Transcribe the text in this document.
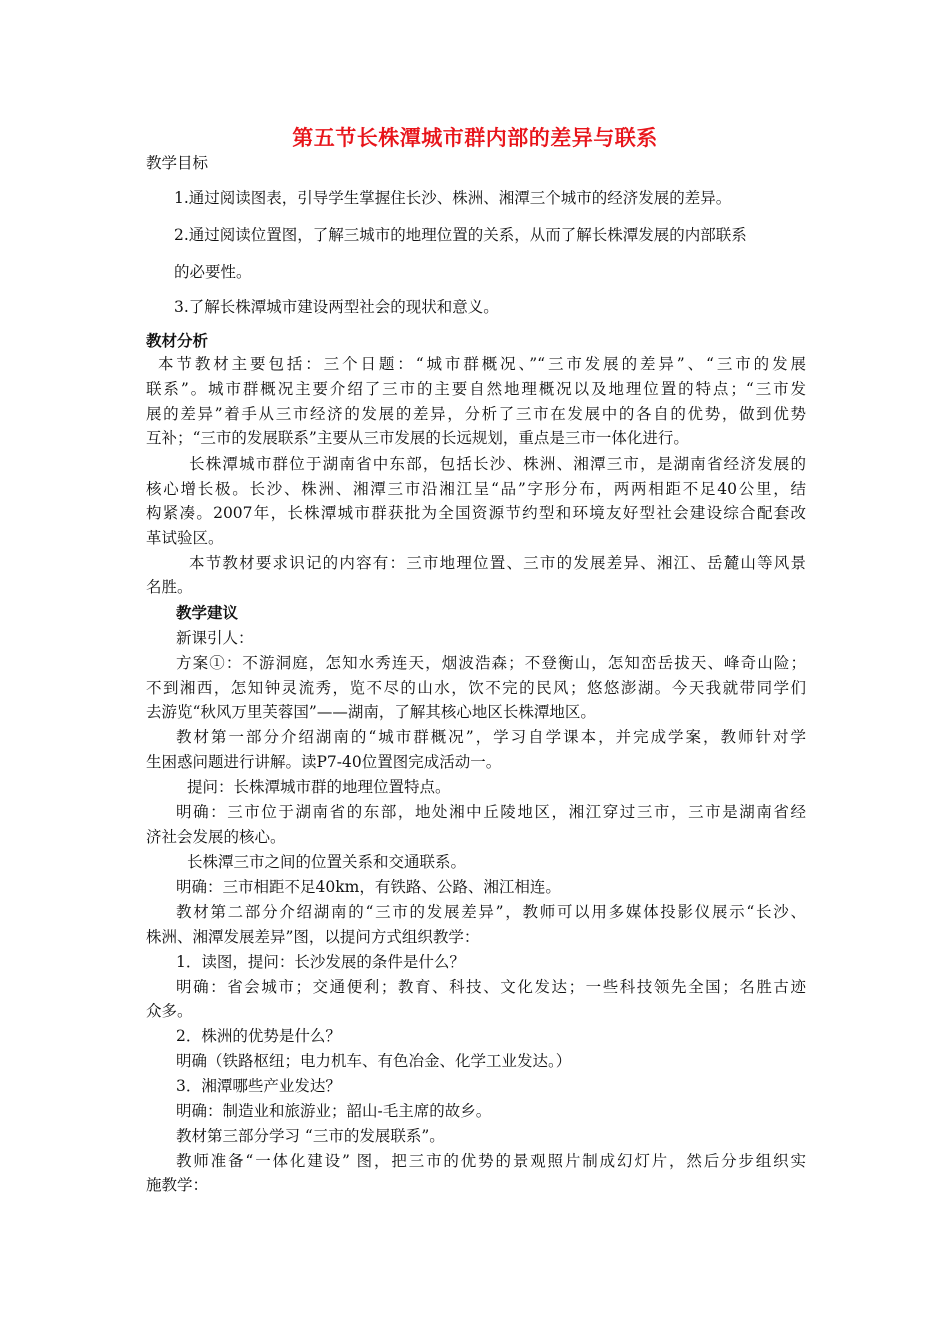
第五节长株潭城市群内部的差异与联系
教学目标
1.通过阅读图表，引导学生掌握住长沙、株洲、湘潭三个城市的经济发展的差异。
2.通过阅读位置图，了解三城市的地理位置的关系，从而了解长株潭发展的内部联系
的必要性。
3.了解长株潭城市建设两型社会的现状和意义。
教材分析
本节教材主要包括：三个日题：“城市群概况、”“三市发展的差异”、“三市的发展
联系”。城市群概况主要介绍了三市的主要自然地理概况以及地理位置的特点；“三市发
展的差异”着手从三市经济的发展的差异，分析了三市在发展中的各自的优势，做到优势
互补；“三市的发展联系”主要从三市发展的长远规划，重点是三市一体化进行。
长株潭城市群位于湖南省中东部，包括长沙、株洲、湘潭三市，是湖南省经济发展的
核心增长极。长沙、株洲、湘潭三市沿湘江呈“品”字形分布，两两相距不足40公里，结
构紧凑。2007年，长株潭城市群获批为全国资源节约型和环境友好型社会建设综合配套改
革试验区。
本节教材要求识记的内容有：三市地理位置、三市的发展差异、湘江、岳麓山等风景
名胜。
教学建议
新课引人：
方案①：不游洞庭，怎知水秀连天，烟波浩森；不登衡山，怎知峦岳拔天、峰奇山险；
不到湘西，怎知钟灵流秀，览不尽的山水，饮不完的民风；悠悠澎湖。今天我就带同学们
去游览“秋风万里芙蓉国”——湖南，了解其核心地区长株潭地区。
教材第一部分介绍湖南的“城市群概况”，学习自学课本，并完成学案，教师针对学
生困惑问题进行讲解。读P7-40位置图完成活动一。
提问：长株潭城市群的地理位置特点。
明确：三市位于湖南省的东部，地处湘中丘陵地区，湘江穿过三市，三市是湖南省经
济社会发展的核心。
长株潭三市之间的位置关系和交通联系。
明确：三市相距不足40km，有铁路、公路、湘江相连。
教材第二部分介绍湖南的“三市的发展差异”，教师可以用多媒体投影仪展示“长沙、
株洲、湘潭发展差异”图，以提问方式组织教学：
1．读图，提问：长沙发展的条件是什么？
明确：省会城市；交通便利；教育、科技、文化发达；一些科技领先全国；名胜古迹
众多。
2．株洲的优势是什么？
明确（铁路枢纽；电力机车、有色冶金、化学工业发达。）
3．湘潭哪些产业发达？
明确：制造业和旅游业；韶山-毛主席的故乡。
教材第三部分学习 “三市的发展联系”。
教师准备“一体化建设” 图，把三市的优势的景观照片制成幻灯片，然后分步组织实
施教学：
